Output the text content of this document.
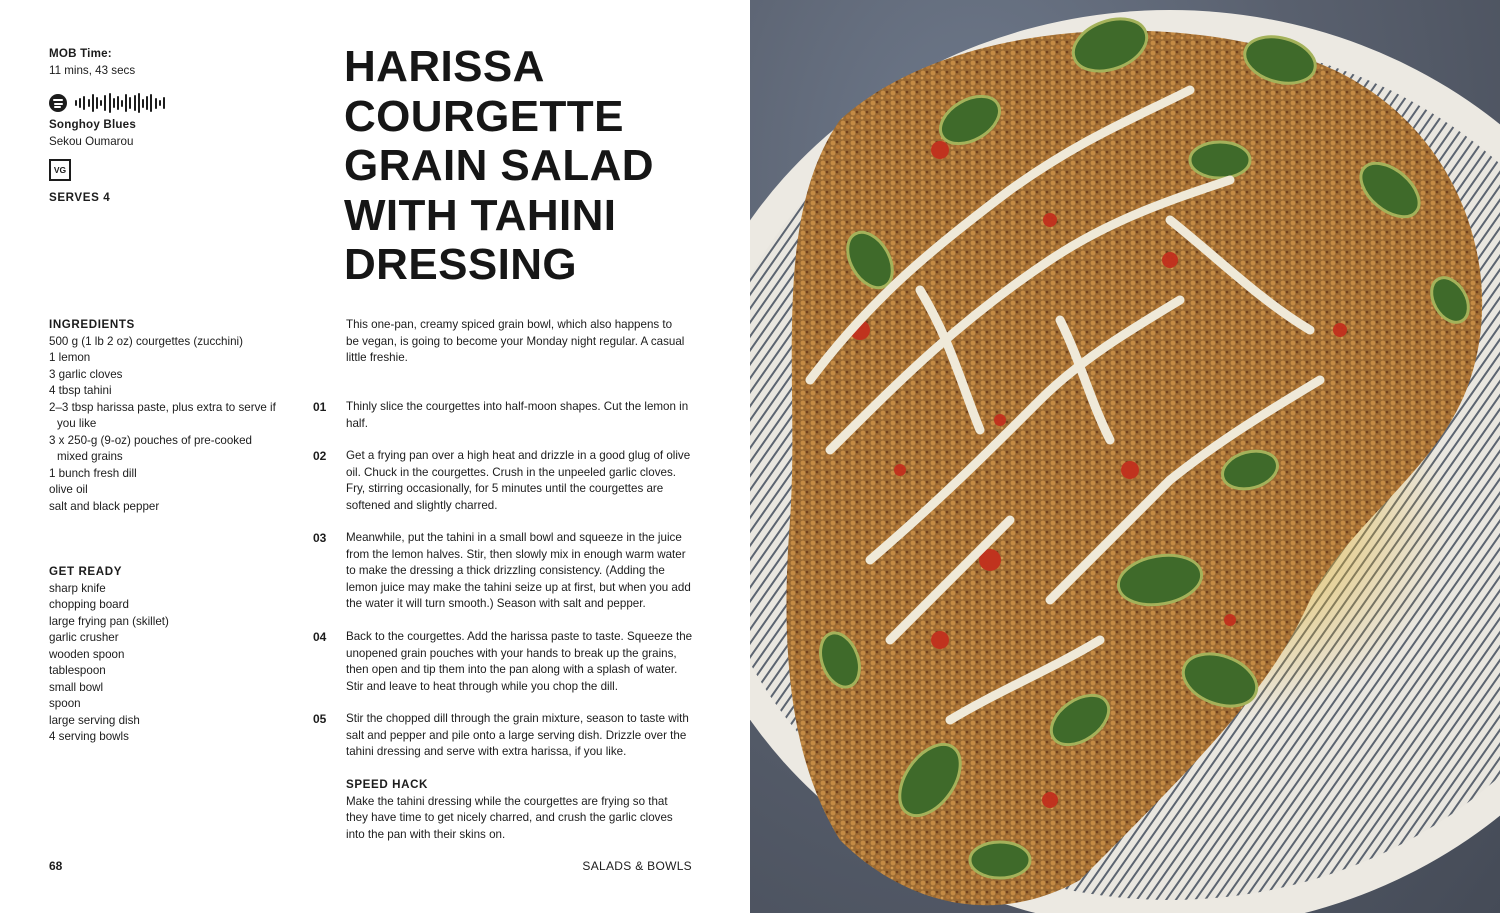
MOB Time:
11 mins, 43 secs
Songhoy Blues
Sekou Oumarou
VG
SERVES 4
INGREDIENTS
500 g (1 lb 2 oz) courgettes (zucchini)
1 lemon
3 garlic cloves
4 tbsp tahini
2–3 tbsp harissa paste, plus extra to serve if you like
3 x 250-g (9-oz) pouches of pre-cooked mixed grains
1 bunch fresh dill
olive oil
salt and black pepper
GET READY
sharp knife
chopping board
large frying pan (skillet)
garlic crusher
wooden spoon
tablespoon
small bowl
spoon
large serving dish
4 serving bowls
HARISSA
COURGETTE
GRAIN SALAD
WITH TAHINI
DRESSING

This one-pan, creamy spiced grain bowl, which also happens to be vegan, is going to become your Monday night regular. A casual little freshie.

01 Thinly slice the courgettes into half-moon shapes. Cut the lemon in half.
02 Get a frying pan over a high heat and drizzle in a good glug of olive oil. Chuck in the courgettes. Crush in the unpeeled garlic cloves. Fry, stirring occasionally, for 5 minutes until the courgettes are softened and slightly charred.
03 Meanwhile, put the tahini in a small bowl and squeeze in the juice from the lemon halves. Stir, then slowly mix in enough warm water to make the dressing a thick drizzling consistency. (Adding the lemon juice may make the tahini seize up at first, but when you add the water it will turn smooth.) Season with salt and pepper.
04 Back to the courgettes. Add the harissa paste to taste. Squeeze the unopened grain pouches with your hands to break up the grains, then open and tip them into the pan along with a splash of water. Stir and leave to heat through while you chop the dill.
05 Stir the chopped dill through the grain mixture, season to taste with salt and pepper and pile onto a large serving dish. Drizzle over the tahini dressing and serve with extra harissa, if you like.
SPEED HACK
Make the tahini dressing while the courgettes are frying so that they have time to get nicely charred, and crush the garlic cloves into the pan with their skins on.
68	SALADS & BOWLS
